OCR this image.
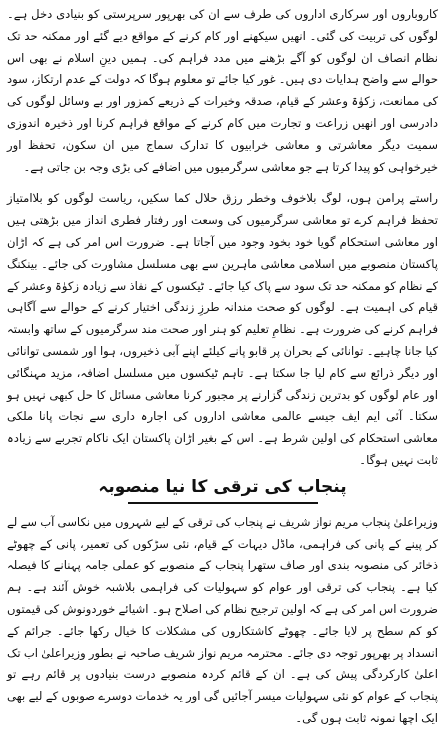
کاروباروں اور سرکاری اداروں کی طرف سے ان کی بھرپور سرپرستی کو بنیادی دخل ہے۔ لوگوں کی تربیت کی گئی۔ انھیں سیکھنے اور کام کرنے کے مواقع دیے گئے اور ممکنہ حد تک نظام انصاف ان لوگوں کو آگے بڑھنے میں مدد فراہم کی۔ ہمیں دینِ اسلام نے بھی اس حوالے سے واضح ہدایات دی ہیں۔ غور کیا جائے تو معلوم ہوگا کہ دولت کے عدم ارتکاز، سود کی ممانعت، زکوٰۃ وعشر کے قیام، صدقہ وخیرات کے ذریعے کمزور اور بے وسائل لوگوں کی دادرسی اور انھیں زراعت و تجارت میں کام کرنے کے مواقع فراہم کرنا اور ذخیرہ اندوزی سمیت دیگر معاشرتی و معاشی خرابیوں کا تدارک سماج میں ان سکون، تحفظ اور خیرخواہی کو پیدا کرتا ہے جو معاشی سرگرمیوں میں اضافے کی بڑی وجہ بن جاتی ہے۔

راستے پرامن ہوں، لوگ بلاخوف وخطر رزق حلال کما سکیں، ریاست لوگوں کو بلاامتیاز تحفظ فراہم کرے تو معاشی سرگرمیوں کی وسعت اور رفتار فطری انداز میں بڑھتی ہیں اور معاشی استحکام گویا خود بخود وجود میں آجاتا ہے۔ ضرورت اس امر کی ہے کہ اڑان پاکستان منصوبے میں اسلامی معاشی ماہرین سے بھی مسلسل مشاورت کی جائے۔ بینکنگ کے نظام کو ممکنہ حد تک سود سے پاک کیا جائے۔ ٹیکسوں کے نفاذ سے زیادہ زکوٰۃ وعشر کے قیام کی اہمیت ہے۔ لوگوں کو صحت مندانہ طرزِ زندگی اختیار کرنے کے حوالے سے آگاہی فراہم کرنے کی ضرورت ہے۔ نظامِ تعلیم کو ہنر اور صحت مند سرگرمیوں کے ساتھ وابستہ کیا جانا چاہیے۔ توانائی کے بحران پر قابو پانے کیلئے اپنے آبی ذخیروں، ہوا اور شمسی توانائی اور دیگر ذرائع سے کام لیا جا سکتا ہے۔ تاہم ٹیکسوں میں مسلسل اضافہ، مزید مہنگائی اور عام لوگوں کو بدترین زندگی گزارنے پر مجبور کرنا معاشی مسائل کا حل کبھی نہیں ہو سکتا۔ آئی ایم ایف جیسے عالمی معاشی اداروں کی اجارہ داری سے نجات پانا ملکی معاشی استحکام کی اولین شرط ہے۔ اس کے بغیر اڑان پاکستان ایک ناکام تجربے سے زیادہ ثابت نہیں ہوگا۔

پنجاب کی ترقی کا نیا منصوبہ

وزیراعلیٰ پنجاب مریم نواز شریف نے پنجاب کی ترقی کے لیے شہروں میں نکاسی آب سے لے کر پینے کے پانی کی فراہمی، ماڈل دیہات کے قیام، نئی سڑکوں کی تعمیر، پانی کے چھوٹے ذخائر کی منصوبہ بندی اور صاف ستھرا پنجاب کے منصوبے کو عملی جامہ پہنانے کا فیصلہ کیا ہے۔ پنجاب کی ترقی اور عوام کو سہولیات کی فراہمی بلاشبہ خوش آئند ہے۔ ہم ضرورت اس امر کی ہے کہ اولین ترجیح نظام کی اصلاح ہو۔ اشیائے خوردونوش کی قیمتوں کو کم سطح پر لایا جائے۔ چھوٹے کاشتکاروں کی مشکلات کا خیال رکھا جائے۔ جرائم کے انسداد پر بھرپور توجہ دی جائے۔ محترمہ مریم نواز شریف صاحبہ نے بطور وزیراعلیٰ اب تک اعلیٰ کارکردگی پیش کی ہے۔ ان کے قائم کردہ منصوبے درست بنیادوں پر قائم رہے تو پنجاب کے عوام کو نئی سہولیات میسر آجائیں گی اور یہ خدمات دوسرے صوبوں کے لیے بھی ایک اچھا نمونہ ثابت ہوں گی۔
